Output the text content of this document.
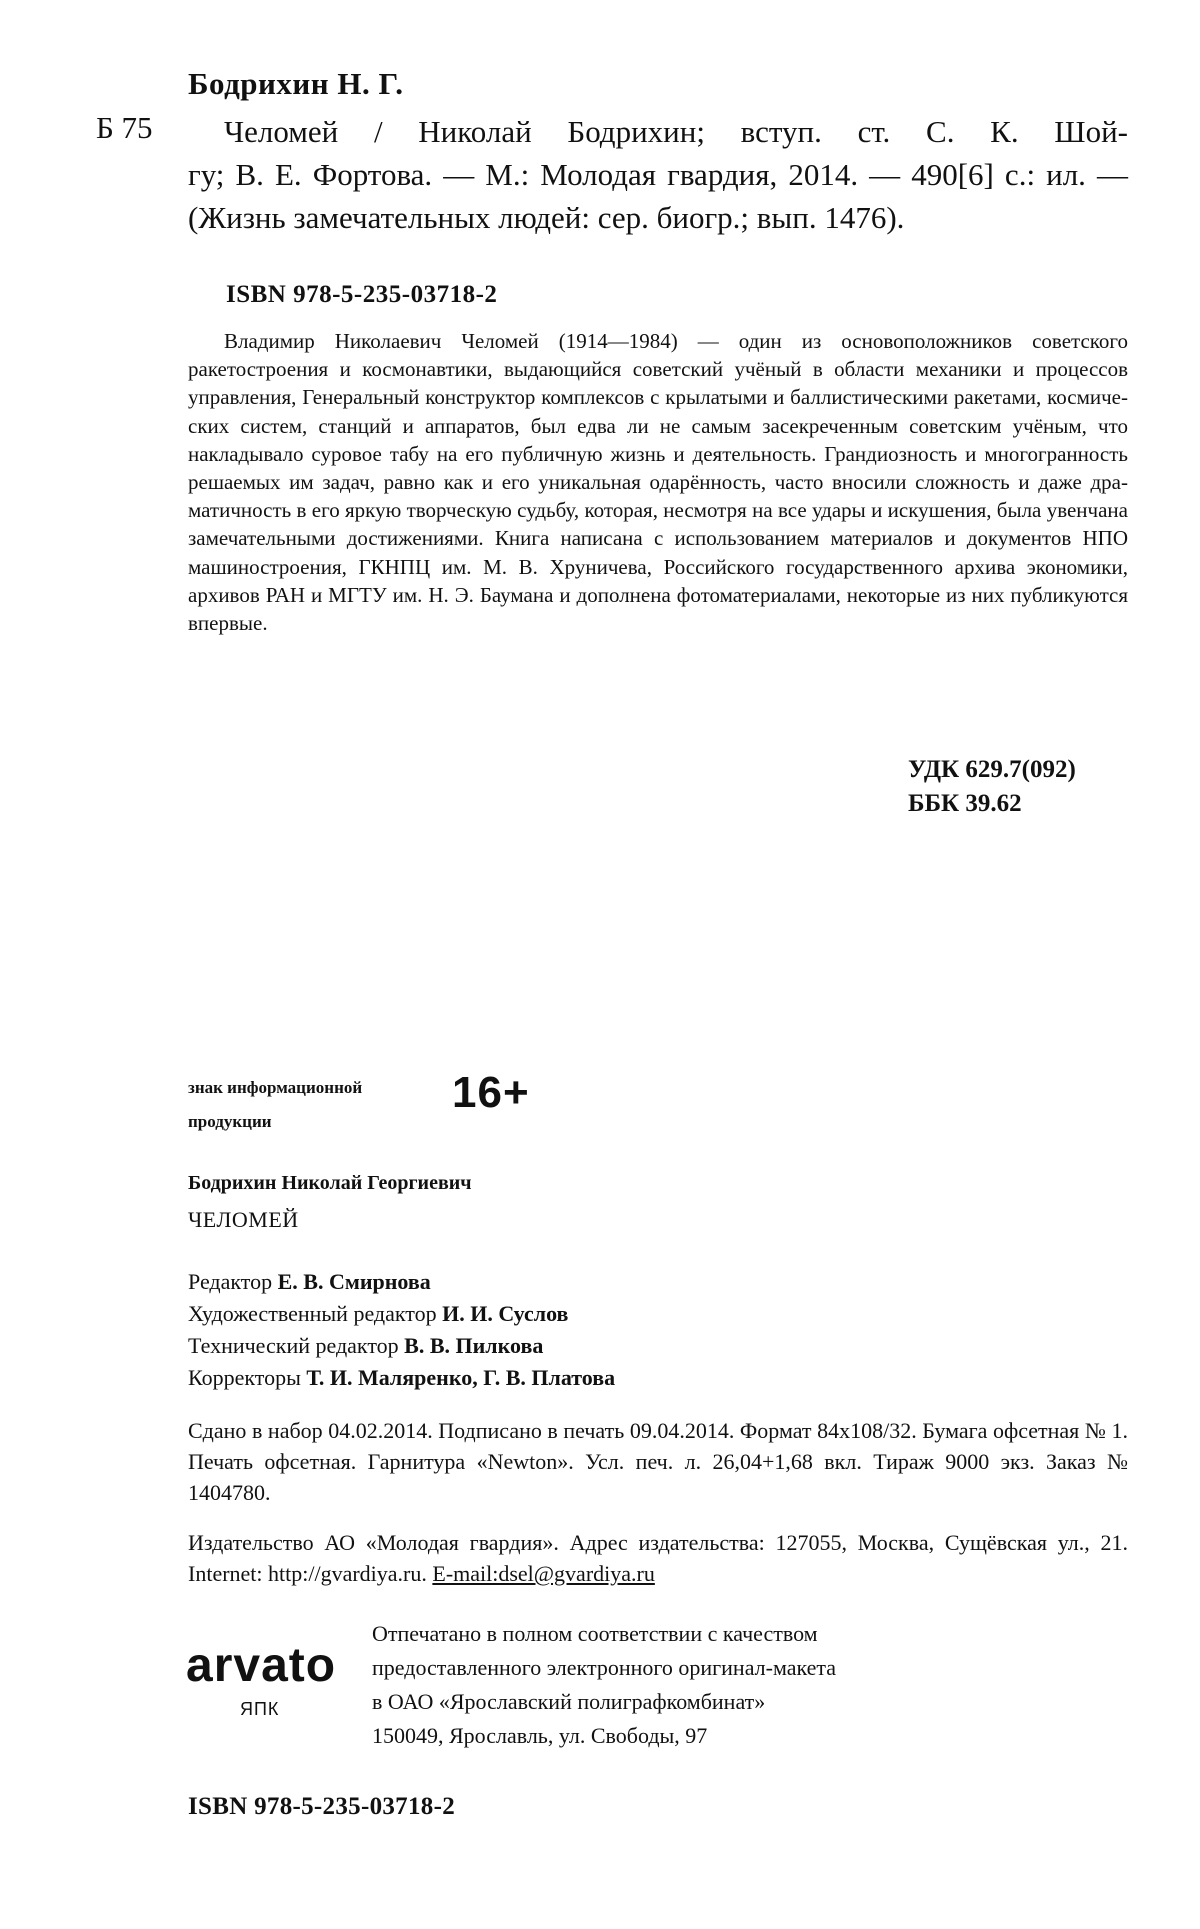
Бодрихин Н. Г.
Б 75	Челомей / Николай Бодрихин; вступ. ст. С. К. Шой-
гу; В. Е. Фортова. — М.: Молодая гвардия, 2014. — 490[6] с.: ил. — (Жизнь замечательных людей: сер. биогр.; вып. 1476).
ISBN 978-5-235-03718-2
Владимир Николаевич Челомей (1914—1984) — один из основоположников советского ракетостроения и космонавтики, выдающийся советский учёный в области механики и процессов управления, Генеральный конструктор комплексов с крылатыми и баллистическими ракетами, космических систем, станций и аппаратов, был едва ли не самым засекреченным советским учёным, что накладывало суровое табу на его публичную жизнь и деятельность. Грандиозность и многогранность решаемых им задач, равно как и его уникальная одарённость, часто вносили сложность и даже драматичность в его яркую творческую судьбу, которая, несмотря на все удары и искушения, была увенчана замечательными достижениями. Книга написана с использованием материалов и документов НПО машиностроения, ГКНПЦ им. М. В. Хруничева, Российского государственного архива экономики, архивов РАН и МГТУ им. Н. Э. Баумана и дополнена фотоматериалами, некоторые из них публикуются впервые.
УДК 629.7(092)
ББК 39.62
знак информационной
продукции
16+
Бодрихин Николай Георгиевич
ЧЕЛОМЕЙ
Редактор Е. В. Смирнова
Художественный редактор И. И. Суслов
Технический редактор В. В. Пилкова
Корректоры Т. И. Маляренко, Г. В. Платова
Сдано в набор 04.02.2014. Подписано в печать 09.04.2014. Формат 84x108/32. Бумага офсетная № 1. Печать офсетная. Гарнитура «Newton». Усл. печ. л. 26,04+1,68 вкл. Тираж 9000 экз. Заказ № 1404780.
Издательство АО «Молодая гвардия». Адрес издательства: 127055, Москва, Сущёвская ул., 21. Internet: http://gvardiya.ru. E-mail:dsel@gvardiya.ru
arvato
ЯПК
Отпечатано в полном соответствии с качеством
предоставленного электронного оригинал-макета
в ОАО «Ярославский полиграфкомбинат»
150049, Ярославль, ул. Свободы, 97
ISBN 978-5-235-03718-2
